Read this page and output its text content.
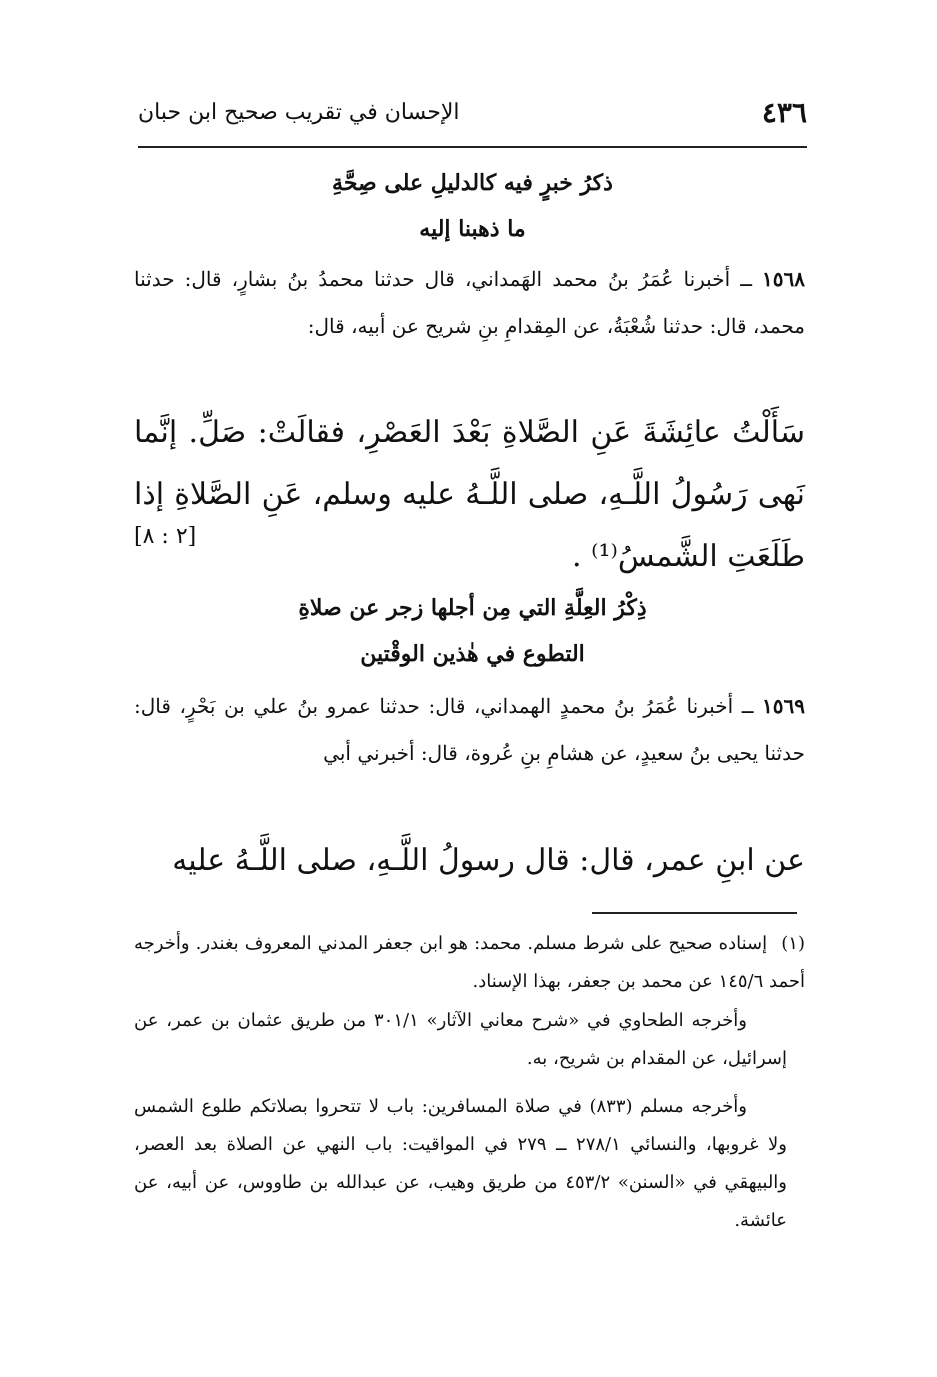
٤٣٦
الإحسان في تقريب صحيح ابن حبان
ذكرُ خبرٍ فيه كالدليلِ على صِحَّةِ
ما ذهبنا إليه
١٥٦٨ ــ أخبرنا عُمَرُ بنُ محمد الهَمداني، قال حدثنا محمدُ بنُ بشارٍ، قال: حدثنا محمد، قال: حدثنا شُعْبَةُ، عن المِقدامِ بنِ شريح عن أبيه، قال:
سَأَلْتُ عائِشَةَ عَنِ الصَّلاةِ بَعْدَ العَصْرِ، فقالَتْ: صَلِّ. إنَّما نَهى رَسُولُ اللَّـهِ، صلى اللَّـهُ عليه وسلم، عَنِ الصَّلاةِ إذا طَلَعَتِ الشَّمسُ⁽¹⁾ .
[٢ : ٨]
ذِكْرُ العِلَّةِ التي مِن أجلها زجر عن صلاةِ
التطوع في هٰذين الوقْتين
١٥٦٩ ــ أخبرنا عُمَرُ بنُ محمدٍ الهمداني، قال: حدثنا عمرو بنُ علي بن بَحْرٍ، قال: حدثنا يحيى بنُ سعيدٍ، عن هشامِ بنِ عُروة، قال: أخبرني أبي
عن ابنِ عمر، قال: قال رسولُ اللَّـهِ، صلى اللَّـهُ عليه
(١) إسناده صحيح على شرط مسلم. محمد: هو ابن جعفر المدني المعروف بغندر. وأخرجه أحمد ١٤٥/٦ عن محمد بن جعفر، بهذا الإسناد.
وأخرجه الطحاوي في «شرح معاني الآثار» ٣٠١/١ من طريق عثمان بن عمر، عن إسرائيل، عن المقدام بن شريح، به.
وأخرجه مسلم (٨٣٣) في صلاة المسافرين: باب لا تتحروا بصلاتكم طلوع الشمس ولا غروبها، والنسائي ٢٧٨/١ ــ ٢٧٩ في المواقيت: باب النهي عن الصلاة بعد العصر، والبيهقي في «السنن» ٤٥٣/٢ من طريق وهيب، عن عبدالله بن طاووس، عن أبيه، عن عائشة.
